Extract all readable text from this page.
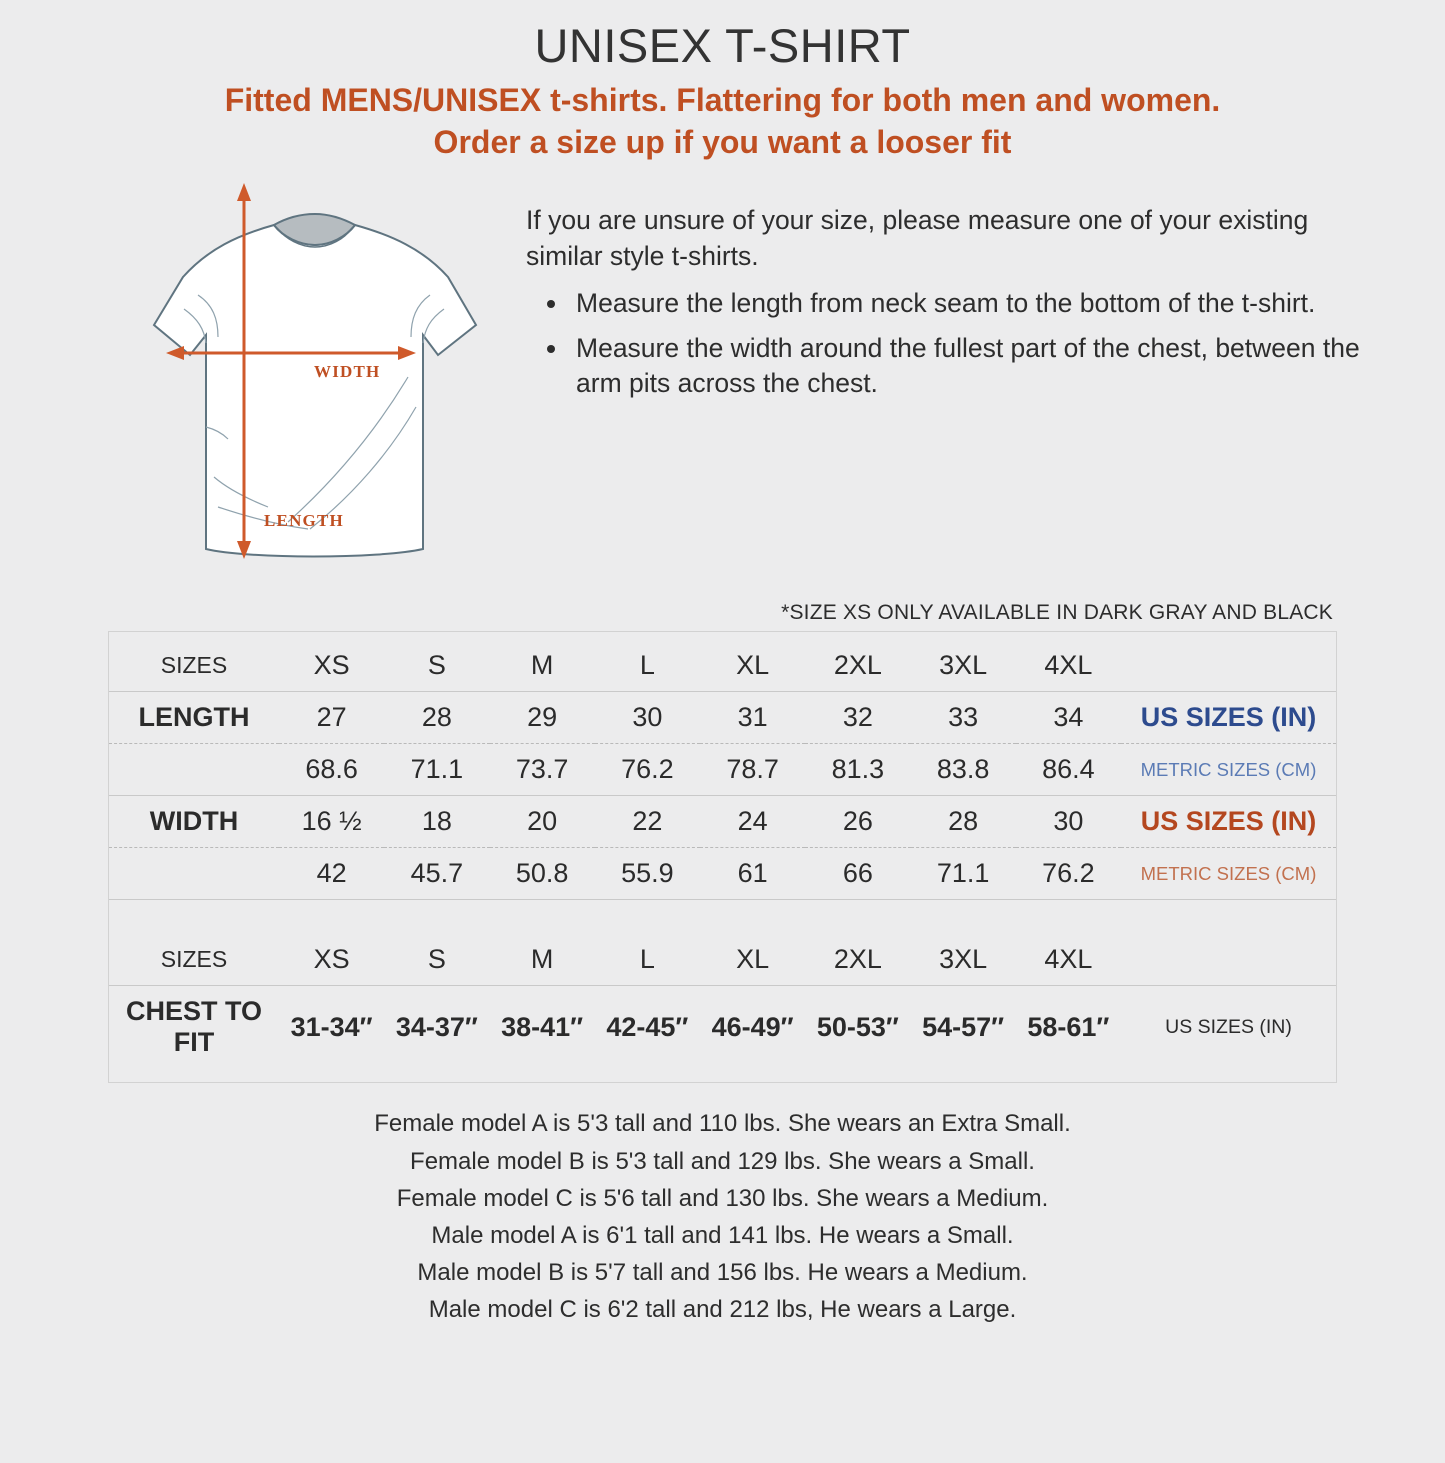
UNISEX T-SHIRT
Fitted MENS/UNISEX t-shirts. Flattering for both men and women.
Order a size up if you want a looser fit
WIDTH
LENGTH
If you are unsure of your size, please measure one of your existing similar style t-shirts.
• Measure the length from neck seam to the bottom of the t-shirt.
• Measure the width around the fullest part of the chest, between the arm pits across the chest.
*SIZE XS ONLY AVAILABLE IN DARK GRAY AND BLACK
SIZES	XS	S	M	L	XL	2XL	3XL	4XL	
LENGTH	27	28	29	30	31	32	33	34	US SIZES (IN)
	68.6	71.1	73.7	76.2	78.7	81.3	83.8	86.4	METRIC SIZES (CM)
WIDTH	16 ½	18	20	22	24	26	28	30	US SIZES (IN)
	42	45.7	50.8	55.9	61	66	71.1	76.2	METRIC SIZES (CM)

SIZES	XS	S	M	L	XL	2XL	3XL	4XL	
CHEST TO FIT	31-34″	34-37″	38-41″	42-45″	46-49″	50-53″	54-57″	58-61″	US SIZES (IN)
Female model A is 5'3 tall and 110 lbs. She wears an Extra Small.
Female model B is 5'3 tall and 129 lbs. She wears a Small.
Female model C is 5'6 tall and 130 lbs. She wears a Medium.
Male model A is 6'1 tall and 141 lbs. He wears a Small.
Male model B is 5'7 tall and 156 lbs. He wears a Medium.
Male model C is 6'2 tall and 212 lbs, He wears a Large.
